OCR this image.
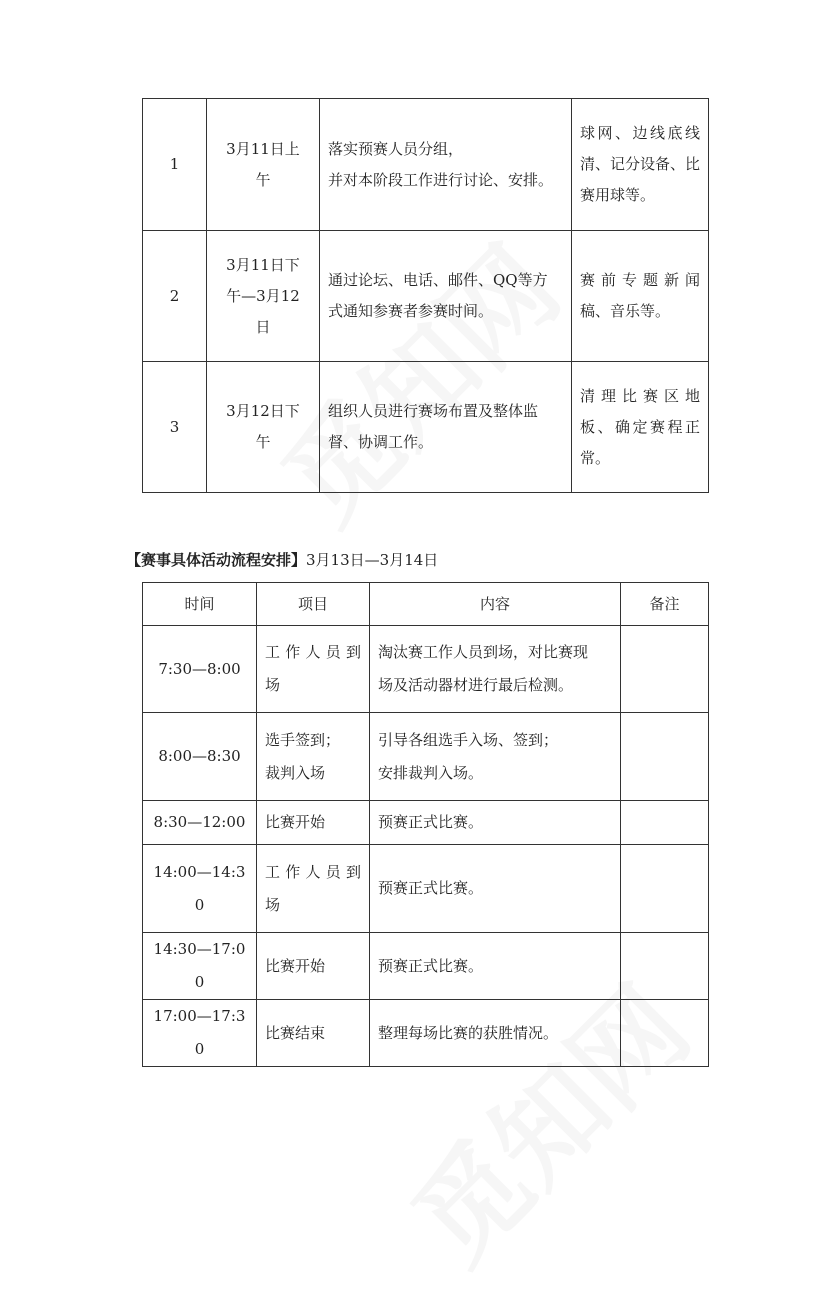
1	3月11日上
午	落实预赛人员分组，
并对本阶段工作进行讨论、安排。	球网、边线底线
清、记分设备、比
赛用球等。

2	3月11日下
午—3月12
日	通过论坛、电话、邮件、QQ等方
式通知参赛者参赛时间。	赛前专题新闻
稿、音乐等。

3	3月12日下
午	组织人员进行赛场布置及整体监
督、协调工作。	清理比赛区地
板、确定赛程正
常。
【赛事具体活动流程安排】3月13日—3月14日
时间	项目	内容	备注
7:30—8:00	工作人员到
场	淘汰赛工作人员到场，对比赛现
场及活动器材进行最后检测。	

8:00—8:30	选手签到；
裁判入场	引导各组选手入场、签到；
安排裁判入场。	

8:30—12:00	比赛开始	预赛正式比赛。	

14:00—14:30	工作人员到
场	预赛正式比赛。	

14:30—17:00	比赛开始	预赛正式比赛。	

17:00—17:30	比赛结束	整理每场比赛的获胜情况。	
